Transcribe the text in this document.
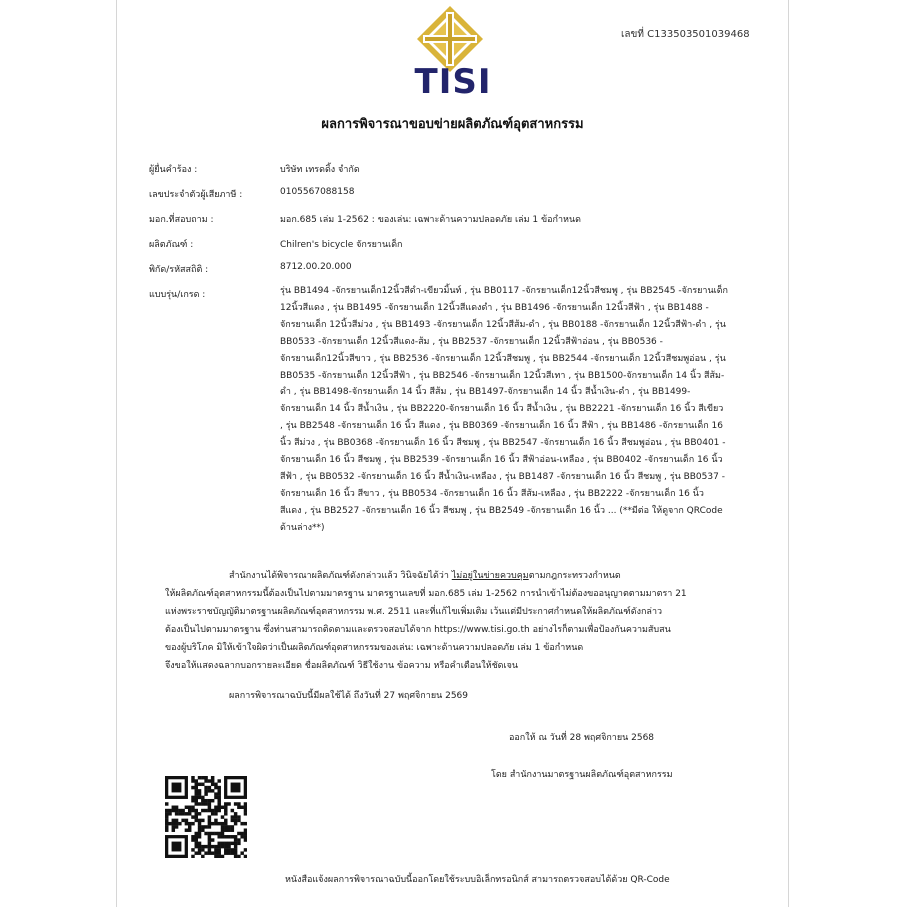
TISI
เลขที่ C133503501039468
ผลการพิจารณาขอบข่ายผลิตภัณฑ์อุตสาหกรรม
ผู้ยื่นคำร้อง :	บริษัท เทรดดิ้ง จำกัด
เลขประจำตัวผู้เสียภาษี :	0105567088158
มอก.ที่สอบถาม :	มอก.685 เล่ม 1-2562 : ของเล่น: เฉพาะด้านความปลอดภัย เล่ม 1 ข้อกำหนด
ผลิตภัณฑ์ :	Chilren's bicycle จักรยานเด็ก
พิกัด/รหัสสถิติ :	8712.00.20.000
แบบรุ่น/เกรด :	รุ่น BB1494 -จักรยานเด็ก12นิ้วสีดำ-เขียวมิ้นท์ , รุ่น BB0117 -จักรยานเด็ก12นิ้วสีชมพู , รุ่น BB2545 -จักรยานเด็ก
12นิ้วสีแดง , รุ่น BB1495 -จักรยานเด็ก 12นิ้วสีแดงดำ , รุ่น BB1496 -จักรยานเด็ก 12นิ้วสีฟ้า , รุ่น BB1488 -
จักรยานเด็ก 12นิ้วสีม่วง , รุ่น BB1493 -จักรยานเด็ก 12นิ้วสีส้ม-ดำ , รุ่น BB0188 -จักรยานเด็ก 12นิ้วสีฟ้า-ดำ , รุ่น
BB0533 -จักรยานเด็ก 12นิ้วสีแดง-ส้ม , รุ่น BB2537 -จักรยานเด็ก 12นิ้วสีฟ้าอ่อน , รุ่น BB0536 -
จักรยานเด็ก12นิ้วสีขาว , รุ่น BB2536 -จักรยานเด็ก 12นิ้วสีชมพู , รุ่น BB2544 -จักรยานเด็ก 12นิ้วสีชมพูอ่อน , รุ่น
BB0535 -จักรยานเด็ก 12นิ้วสีฟ้า , รุ่น BB2546 -จักรยานเด็ก 12นิ้วสีเทา , รุ่น BB1500-จักรยานเด็ก 14 นิ้ว สีส้ม-
ดำ , รุ่น BB1498-จักรยานเด็ก 14 นิ้ว สีส้ม , รุ่น BB1497-จักรยานเด็ก 14 นิ้ว สีน้ำเงิน-ดำ , รุ่น BB1499-
จักรยานเด็ก 14 นิ้ว สีน้ำเงิน , รุ่น BB2220-จักรยานเด็ก 16 นิ้ว สีน้ำเงิน , รุ่น BB2221 -จักรยานเด็ก 16 นิ้ว สีเขียว
, รุ่น BB2548 -จักรยานเด็ก 16 นิ้ว สีแดง , รุ่น BB0369 -จักรยานเด็ก 16 นิ้ว สีฟ้า , รุ่น BB1486 -จักรยานเด็ก 16
นิ้ว สีม่วง , รุ่น BB0368 -จักรยานเด็ก 16 นิ้ว สีชมพู , รุ่น BB2547 -จักรยานเด็ก 16 นิ้ว สีชมพูอ่อน , รุ่น BB0401 -
จักรยานเด็ก 16 นิ้ว สีชมพู , รุ่น BB2539 -จักรยานเด็ก 16 นิ้ว สีฟ้าอ่อน-เหลือง , รุ่น BB0402 -จักรยานเด็ก 16 นิ้ว
สีฟ้า , รุ่น BB0532 -จักรยานเด็ก 16 นิ้ว สีน้ำเงิน-เหลือง , รุ่น BB1487 -จักรยานเด็ก 16 นิ้ว สีชมพู , รุ่น BB0537 -
จักรยานเด็ก 16 นิ้ว สีขาว , รุ่น BB0534 -จักรยานเด็ก 16 นิ้ว สีส้ม-เหลือง , รุ่น BB2222 -จักรยานเด็ก 16 นิ้ว
สีแดง , รุ่น BB2527 -จักรยานเด็ก 16 นิ้ว สีชมพู , รุ่น BB2549 -จักรยานเด็ก 16 นิ้ว ... (**มีต่อ ให้ดูจาก QRCode
ด้านล่าง**)
สำนักงานได้พิจารณาผลิตภัณฑ์ดังกล่าวแล้ว วินิจฉัยได้ว่า ไม่อยู่ในข่ายควบคุมตามกฎกระทรวงกำหนด
ให้ผลิตภัณฑ์อุตสาหกรรมนี้ต้องเป็นไปตามมาตรฐาน มาตรฐานเลขที่ มอก.685 เล่ม 1-2562 การนำเข้าไม่ต้องขออนุญาตตามมาตรา 21
แห่งพระราชบัญญัติมาตรฐานผลิตภัณฑ์อุตสาหกรรม พ.ศ. 2511 และที่แก้ไขเพิ่มเติม เว้นแต่มีประกาศกำหนดให้ผลิตภัณฑ์ดังกล่าว
ต้องเป็นไปตามมาตรฐาน ซึ่งท่านสามารถติดตามและตรวจสอบได้จาก https://www.tisi.go.th อย่างไรก็ตามเพื่อป้องกันความสับสน
ของผู้บริโภค มิให้เข้าใจผิดว่าเป็นผลิตภัณฑ์อุตสาหกรรมของเล่น: เฉพาะด้านความปลอดภัย เล่ม 1 ข้อกำหนด
จึงขอให้แสดงฉลากบอกรายละเอียด ชื่อผลิตภัณฑ์ วิธีใช้งาน ข้อความ หรือคำเตือนให้ชัดเจน
ผลการพิจารณาฉบับนี้มีผลใช้ได้ ถึงวันที่ 27 พฤศจิกายน 2569
ออกให้ ณ วันที่ 28 พฤศจิกายน 2568
โดย สำนักงานมาตรฐานผลิตภัณฑ์อุตสาหกรรม
หนังสือแจ้งผลการพิจารณาฉบับนี้ออกโดยใช้ระบบอิเล็กทรอนิกส์ สามารถตรวจสอบได้ด้วย QR-Code
